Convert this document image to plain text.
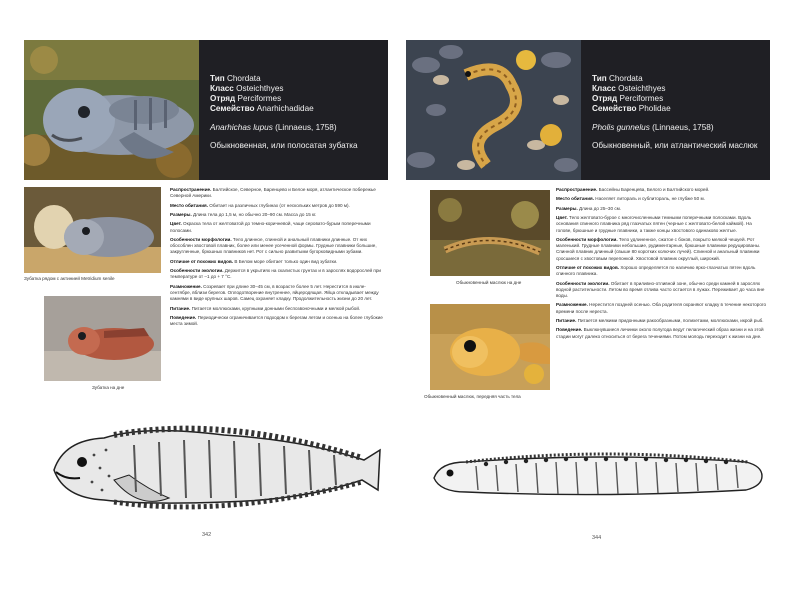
Тип Chordata
Класс Osteichthyes
Отряд Perciformes
Семейство Anarhichadidae
Anarhichas lupus (Linnaeus, 1758)
Обыкновенная, или полосатая зубатка
Зубатка рядом с актинией Metridium senile
Зубатка на дне

Распространение. Балтийское, Северное, Баренцево и Белое моря, атлантическое побережье Северной Америки.

Место обитания. Обитает на различных глубинах (от нескольких метров до 590 м).

Размеры. Длина тела до 1,5 м, но обычно 20–90 см. Масса до 15 кг.

Цвет. Окраска тела от желтоватой до темно-коричневой, чаще серовато-бурым поперечными полосами.

Особенности морфологии. Тело длинное, спинной и анальный плавники длинные. От них обособлен хвостовой плавник, более или менее усеченной формы. Грудные плавники большие, закругленные, брюшных плавников нет. Рот с сильно развитыми бугорковидными зубами.

Отличие от похожих видов. В Белом море обитает только один вид зубатки.

Особенности экологии. Держится в укрытиях на скалистых грунтах и в зарослях водорослей при температуре от –1 до + 7 °С.

Размножение. Созревает при длине 30–45 см, в возрасте более 5 лет. Нерестится в июле-сентябре, вблизи берегов. Оплодотворение внутреннее, яйцеродящая. Яйца откладывает между камнями в виде крупных шаров. Самец охраняет кладку. Продолжительность жизни до 20 лет.

Питание. Питается моллюсками, крупными донными беспозвоночными и мелкой рыбой.

Поведение. Периодически ограничивается подходом к берегам летом и осенью на более глубокие места зимой.

342
Тип Chordata
Класс Osteichthyes
Отряд Perciformes
Семейство Pholidae
Pholis gunnelus (Linnaeus, 1758)
Обыкновенный, или атлантический маслюк
Обыкновенный маслюк на дне
Обыкновенный маслюк, передняя часть тела

Распространение. Бассейны Баренцева, Белого и Балтийского морей.

Место обитания. Населяет литораль и сублитораль, не глубже 50 м.

Размеры. Длина до 25–30 см.

Цвет. Тело желтовато-бурое с многочисленными темными поперечными полосками. Вдоль основания спинного плавника ряд глазчатых пятен (черные с желтовато-белой каймой). На голове, брюшные и грудные плавники, а также концы хвостового одинаково желтые.

Особенности морфологии. Тело удлиненное, сжатое с боков, покрыто мелкой чешуей. Рот маленький. Грудные плавники небольшие, рудиментарные, брюшные плавники редуцированы. Спинной плавник длинный (свыше 80 коротких колючих лучей). Спинной и анальный плавники сросшиеся с хвостовым перепонкой. Хвостовой плавник округлый, широкий.

Отличие от похожих видов. Хорошо определяется по наличию ярко-глазчатых пятен вдоль спинного плавника.

Особенности экологии. Обитает в приливно-отливной зоне, обычно среди камней в зарослях водной растительности. Летом во время отлива часто остается в лужах. Переживает до часа вне воды.

Размножение. Нерестится поздней осенью. Оба родителя охраняют кладку в течение некоторого времени после нереста.

Питание. Питается мелкими придонными ракообразными, полихетами, моллюсками, икрой рыб.

Поведение. Выклюнувшиеся личинки около полугода ведут пелагический образ жизни и на этой стадии могут далеко относиться от берега течениями. Потом молодь переходит к жизни на дне.

344
